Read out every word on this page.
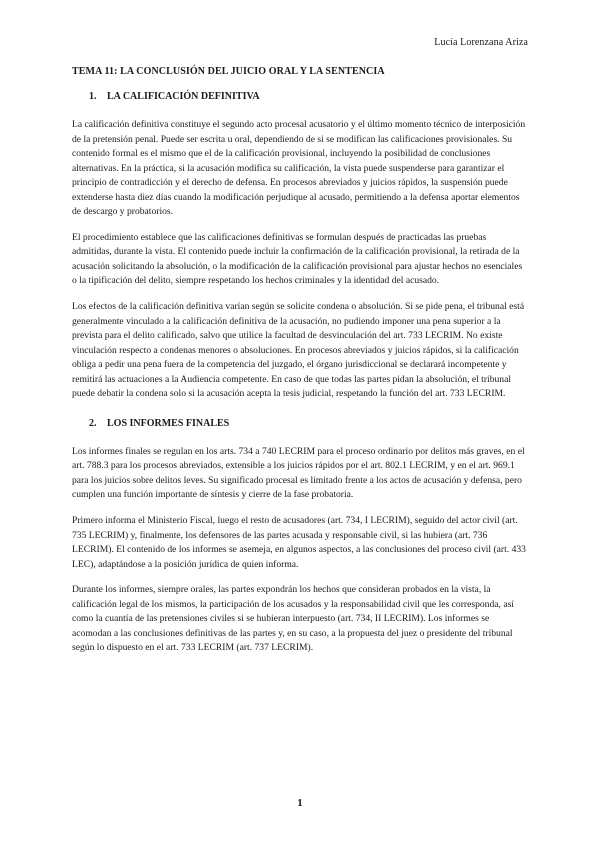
Lucía Lorenzana Ariza
TEMA 11: LA CONCLUSIÓN DEL JUICIO ORAL Y LA SENTENCIA
1. LA CALIFICACIÓN DEFINITIVA

La calificación definitiva constituye el segundo acto procesal acusatorio y el último momento técnico de interposición de la pretensión penal. Puede ser escrita u oral, dependiendo de si se modifican las calificaciones provisionales. Su contenido formal es el mismo que el de la calificación provisional, incluyendo la posibilidad de conclusiones alternativas. En la práctica, si la acusación modifica su calificación, la vista puede suspenderse para garantizar el principio de contradicción y el derecho de defensa. En procesos abreviados y juicios rápidos, la suspensión puede extenderse hasta diez días cuando la modificación perjudique al acusado, permitiendo a la defensa aportar elementos de descargo y probatorios.

El procedimiento establece que las calificaciones definitivas se formulan después de practicadas las pruebas admitidas, durante la vista. El contenido puede incluir la confirmación de la calificación provisional, la retirada de la acusación solicitando la absolución, o la modificación de la calificación provisional para ajustar hechos no esenciales o la tipificación del delito, siempre respetando los hechos criminales y la identidad del acusado.

Los efectos de la calificación definitiva varían según se solicite condena o absolución. Si se pide pena, el tribunal está generalmente vinculado a la calificación definitiva de la acusación, no pudiendo imponer una pena superior a la prevista para el delito calificado, salvo que utilice la facultad de desvinculación del art. 733 LECRIM. No existe vinculación respecto a condenas menores o absoluciones. En procesos abreviados y juicios rápidos, si la calificación obliga a pedir una pena fuera de la competencia del juzgado, el órgano jurisdiccional se declarará incompetente y remitirá las actuaciones a la Audiencia competente. En caso de que todas las partes pidan la absolución, el tribunal puede debatir la condena solo si la acusación acepta la tesis judicial, respetando la función del art. 733 LECRIM.

2. LOS INFORMES FINALES

Los informes finales se regulan en los arts. 734 a 740 LECRIM para el proceso ordinario por delitos más graves, en el art. 788.3 para los procesos abreviados, extensible a los juicios rápidos por el art. 802.1 LECRIM, y en el art. 969.1 para los juicios sobre delitos leves. Su significado procesal es limitado frente a los actos de acusación y defensa, pero cumplen una función importante de síntesis y cierre de la fase probatoria.

Primero informa el Ministerio Fiscal, luego el resto de acusadores (art. 734, I LECRIM), seguido del actor civil (art. 735 LECRIM) y, finalmente, los defensores de las partes acusada y responsable civil, si las hubiera (art. 736 LECRIM). El contenido de los informes se asemeja, en algunos aspectos, a las conclusiones del proceso civil (art. 433 LEC), adaptándose a la posición jurídica de quien informa.

Durante los informes, siempre orales, las partes expondrán los hechos que consideran probados en la vista, la calificación legal de los mismos, la participación de los acusados y la responsabilidad civil que les corresponda, así como la cuantía de las pretensiones civiles si se hubieran interpuesto (art. 734, II LECRIM). Los informes se acomodan a las conclusiones definitivas de las partes y, en su caso, a la propuesta del juez o presidente del tribunal según lo dispuesto en el art. 733 LECRIM (art. 737 LECRIM).

1
